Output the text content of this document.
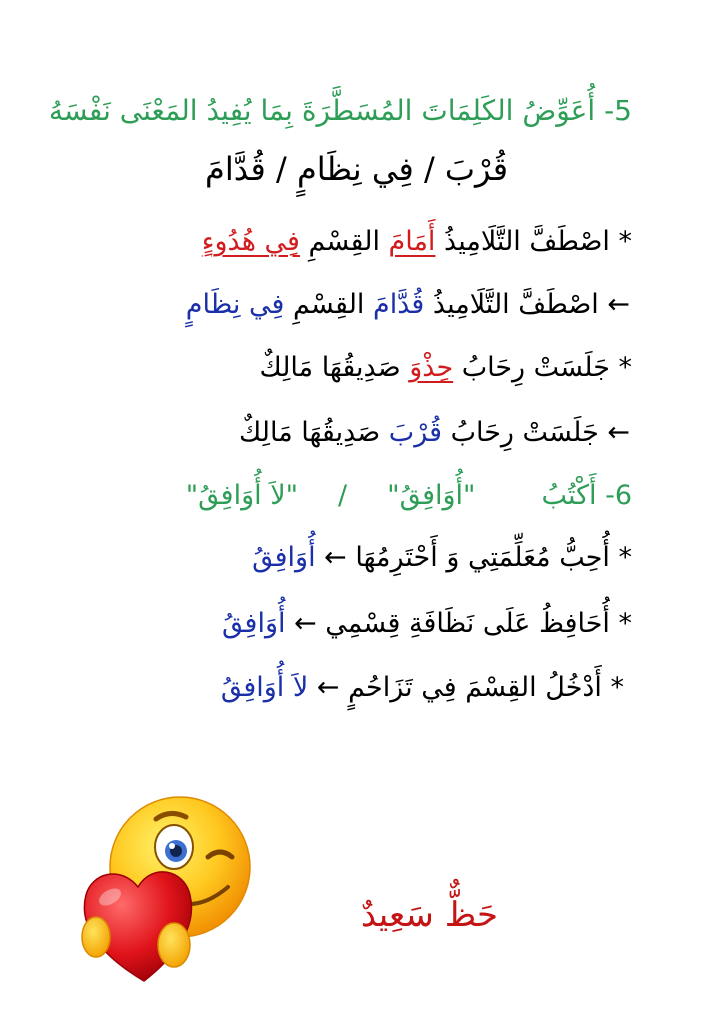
5- أُعَوِّضُ الكَلِمَاتَ المُسَطَّرَةَ بِمَا يُفِيدُ المَعْنَى نَفْسَهُ
قُرْبَ / فِي نِظَامٍ / قُدَّامَ
* اصْطَفَّ التَّلَامِيذُ أَمَامَ القِسْمِ فِي هُدُوءٍ
← اصْطَفَّ التَّلَامِيذُ قُدَّامَ القِسْمِ فِي نِظَامٍ
* جَلَسَتْ رِحَابُ حِذْوَ صَدِيقُهَا مَالِكٌ
← جَلَسَتْ رِحَابُ قُرْبَ صَدِيقُهَا مَالِكٌ
6- أَكْتُبُ"أُوَافِقُ"/"لاَ أُوَافِقُ"
* أُحِبُّ مُعَلِّمَتِي وَ أَحْتَرِمُهَا ← أُوَافِقُ
* أُحَافِظُ عَلَى نَظَافَةِ قِسْمِي ← أُوَافِقُ
* أَدْخُلُ القِسْمَ فِي تَزَاحُمٍ ← لاَ أُوَافِقُ
حَظٌّ سَعِيدٌ
